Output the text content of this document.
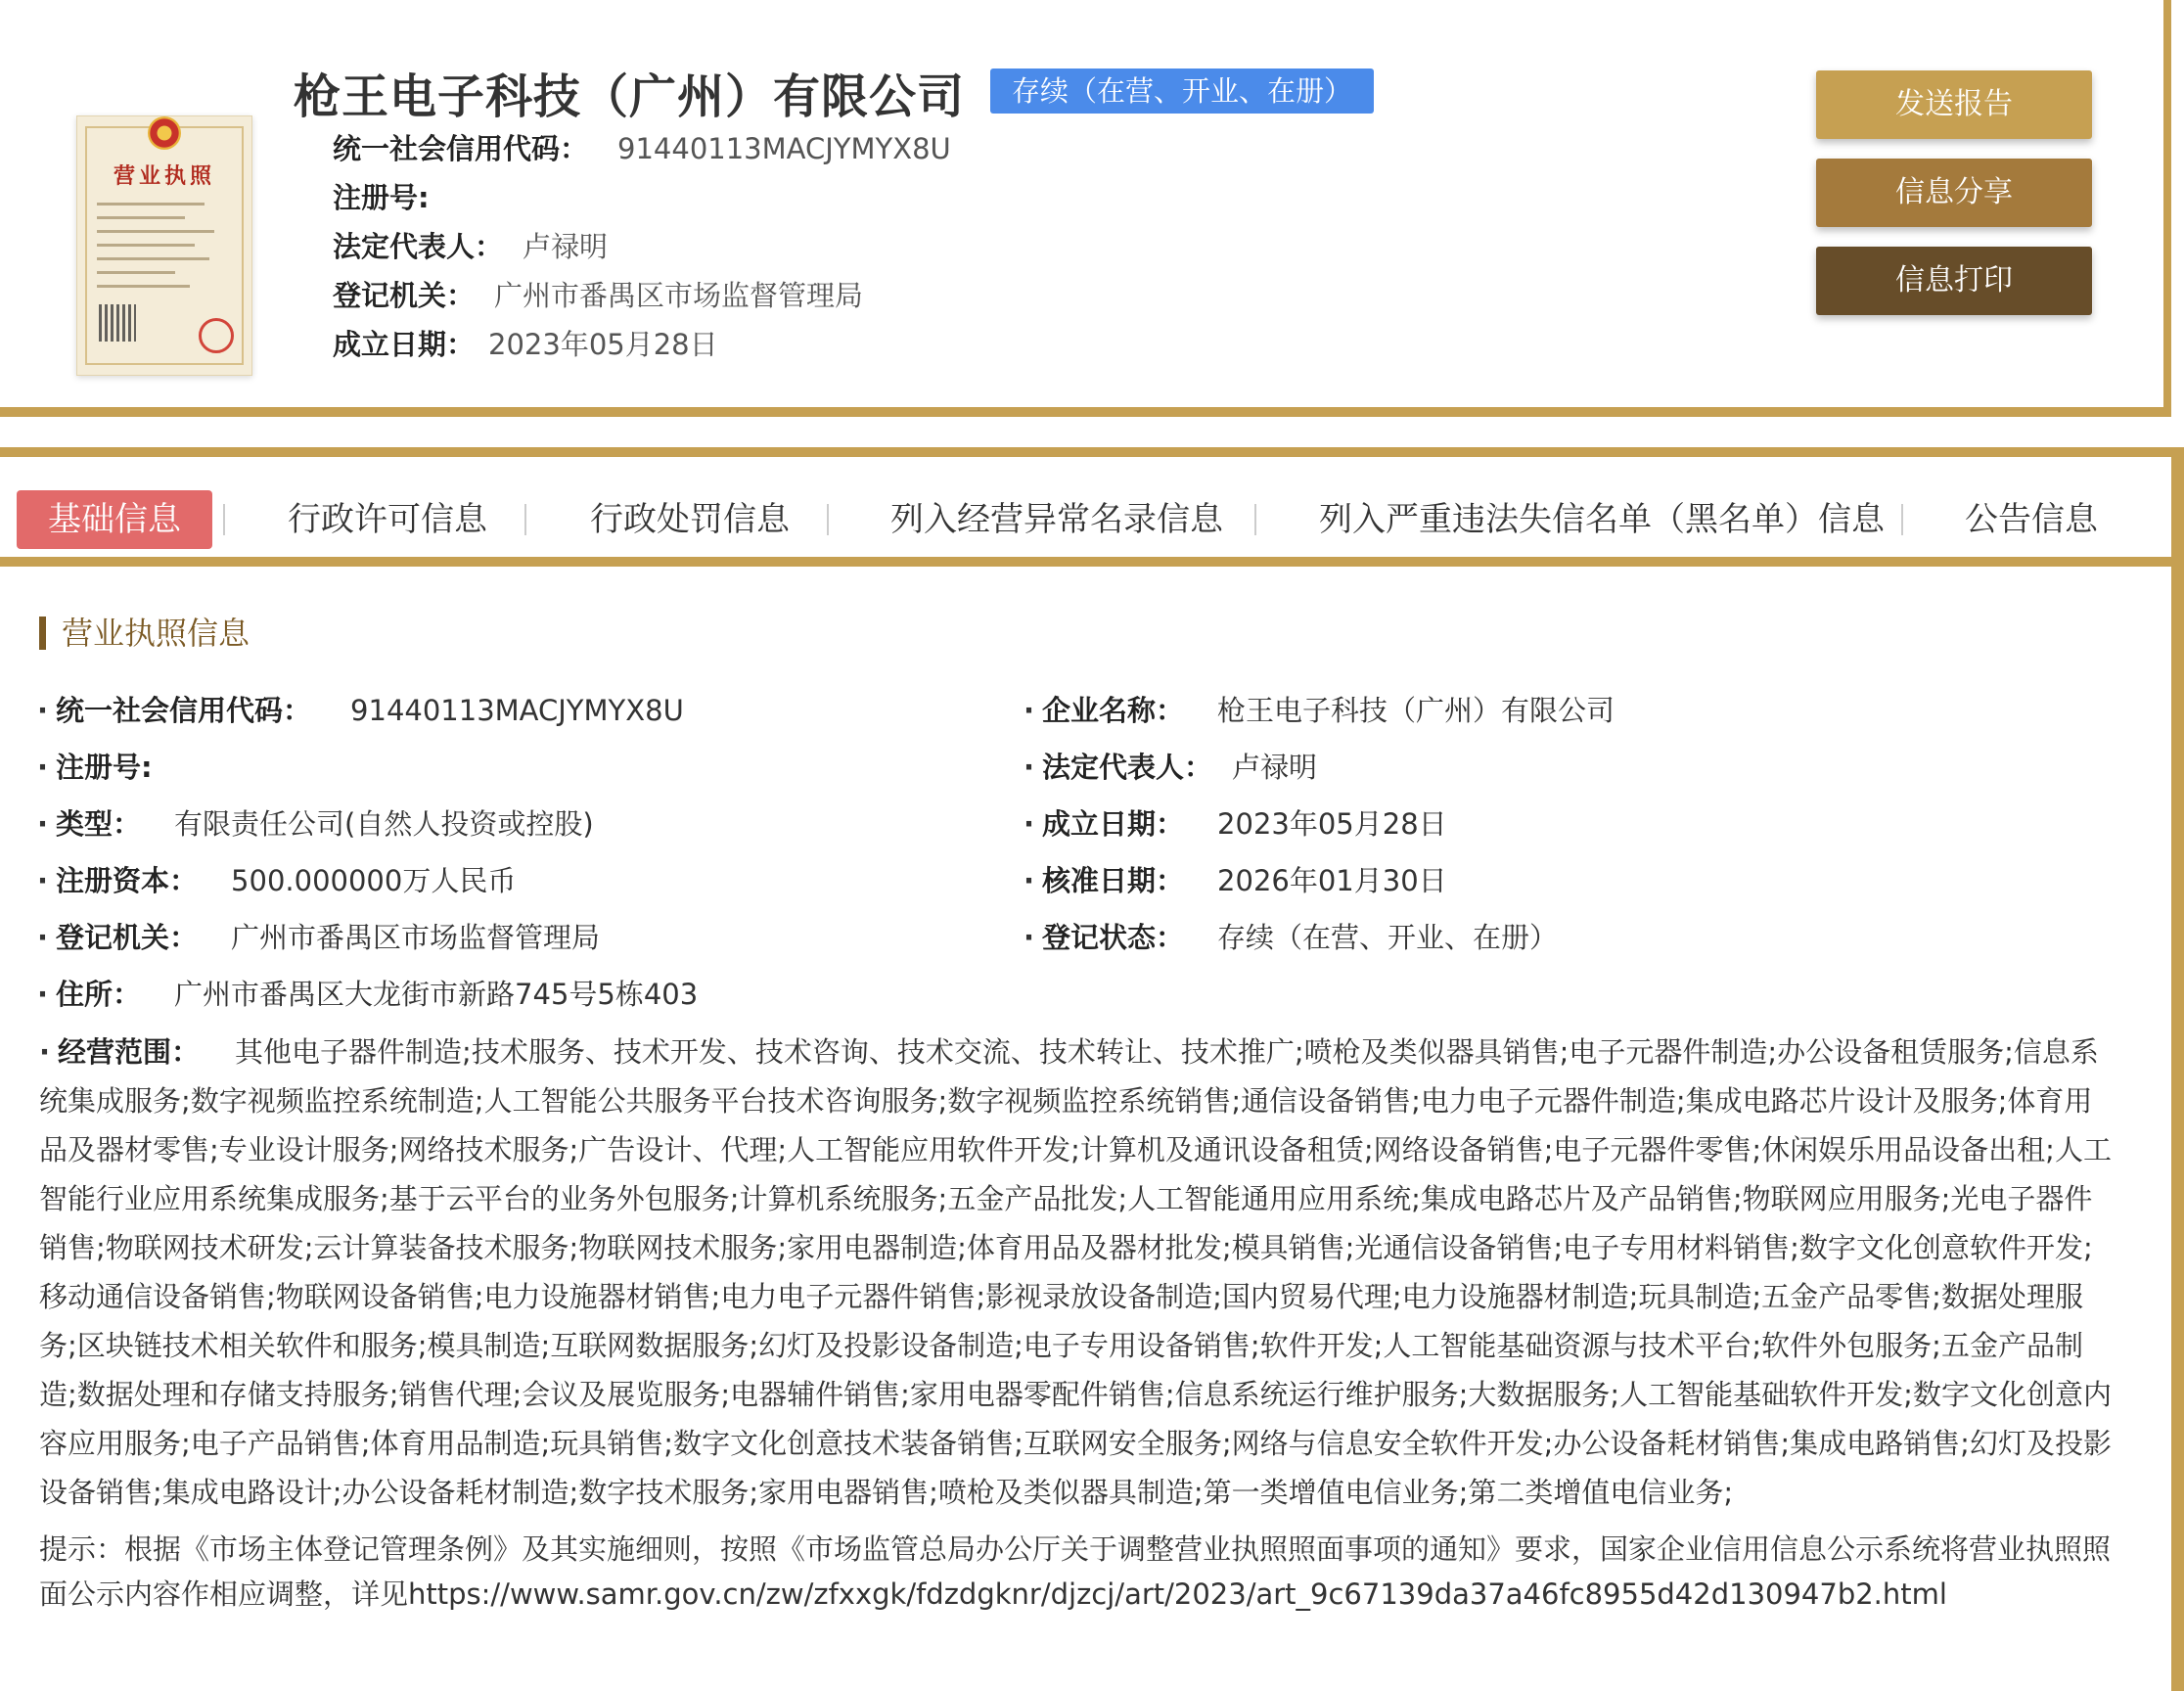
营业执照
枪王电子科技（广州）有限公司	存续（在营、开业、在册）
统一社会信用代码： 91440113MACJYMYX8U
注册号:
法定代表人： 卢禄明
登记机关： 广州市番禺区市场监督管理局
成立日期： 2023年05月28日
发送报告
信息分享
信息打印
基础信息	行政许可信息	行政处罚信息	列入经营异常名录信息	列入严重违法失信名单（黑名单）信息 公告信息
营业执照信息
· 统一社会信用代码： 91440113MACJYMYX8U
· 注册号:
· 类型： 有限责任公司(自然人投资或控股)
· 注册资本： 500.000000万人民币
· 登记机关： 广州市番禺区市场监督管理局
· 住所： 广州市番禺区大龙街市新路745号5栋403
· 企业名称： 枪王电子科技（广州）有限公司
· 法定代表人： 卢禄明
· 成立日期： 2023年05月28日
· 核准日期： 2026年01月30日
· 登记状态： 存续（在营、开业、在册）
· 经营范围： 其他电子器件制造;技术服务、技术开发、技术咨询、技术交流、技术转让、技术推广;喷枪及类似器具销售;电子元器件制造;办公设备租赁服务;信息系统集成服务;数字视频监控系统制造;人工智能公共服务平台技术咨询服务;数字视频监控系统销售;通信设备销售;电力电子元器件制造;集成电路芯片设计及服务;体育用品及器材零售;专业设计服务;网络技术服务;广告设计、代理;人工智能应用软件开发;计算机及通讯设备租赁;网络设备销售;电子元器件零售;休闲娱乐用品设备出租;人工智能行业应用系统集成服务;基于云平台的业务外包服务;计算机系统服务;五金产品批发;人工智能通用应用系统;集成电路芯片及产品销售;物联网应用服务;光电子器件销售;物联网技术研发;云计算装备技术服务;物联网技术服务;家用电器制造;体育用品及器材批发;模具销售;光通信设备销售;电子专用材料销售;数字文化创意软件开发;移动通信设备销售;物联网设备销售;电力设施器材销售;电力电子元器件销售;影视录放设备制造;国内贸易代理;电力设施器材制造;玩具制造;五金产品零售;数据处理服务;区块链技术相关软件和服务;模具制造;互联网数据服务;幻灯及投影设备制造;电子专用设备销售;软件开发;人工智能基础资源与技术平台;软件外包服务;五金产品制造;数据处理和存储支持服务;销售代理;会议及展览服务;电器辅件销售;家用电器零配件销售;信息系统运行维护服务;大数据服务;人工智能基础软件开发;数字文化创意内容应用服务;电子产品销售;体育用品制造;玩具销售;数字文化创意技术装备销售;互联网安全服务;网络与信息安全软件开发;办公设备耗材销售;集成电路销售;幻灯及投影设备销售;集成电路设计;办公设备耗材制造;数字技术服务;家用电器销售;喷枪及类似器具制造;第一类增值电信业务;第二类增值电信业务;
提示：根据《市场主体登记管理条例》及其实施细则，按照《市场监管总局办公厅关于调整营业执照照面事项的通知》要求，国家企业信用信息公示系统将营业执照照面公示内容作相应调整，详见https://www.samr.gov.cn/zw/zfxxgk/fdzdgknr/djzcj/art/2023/art_9c67139da37a46fc8955d42d130947b2.html
